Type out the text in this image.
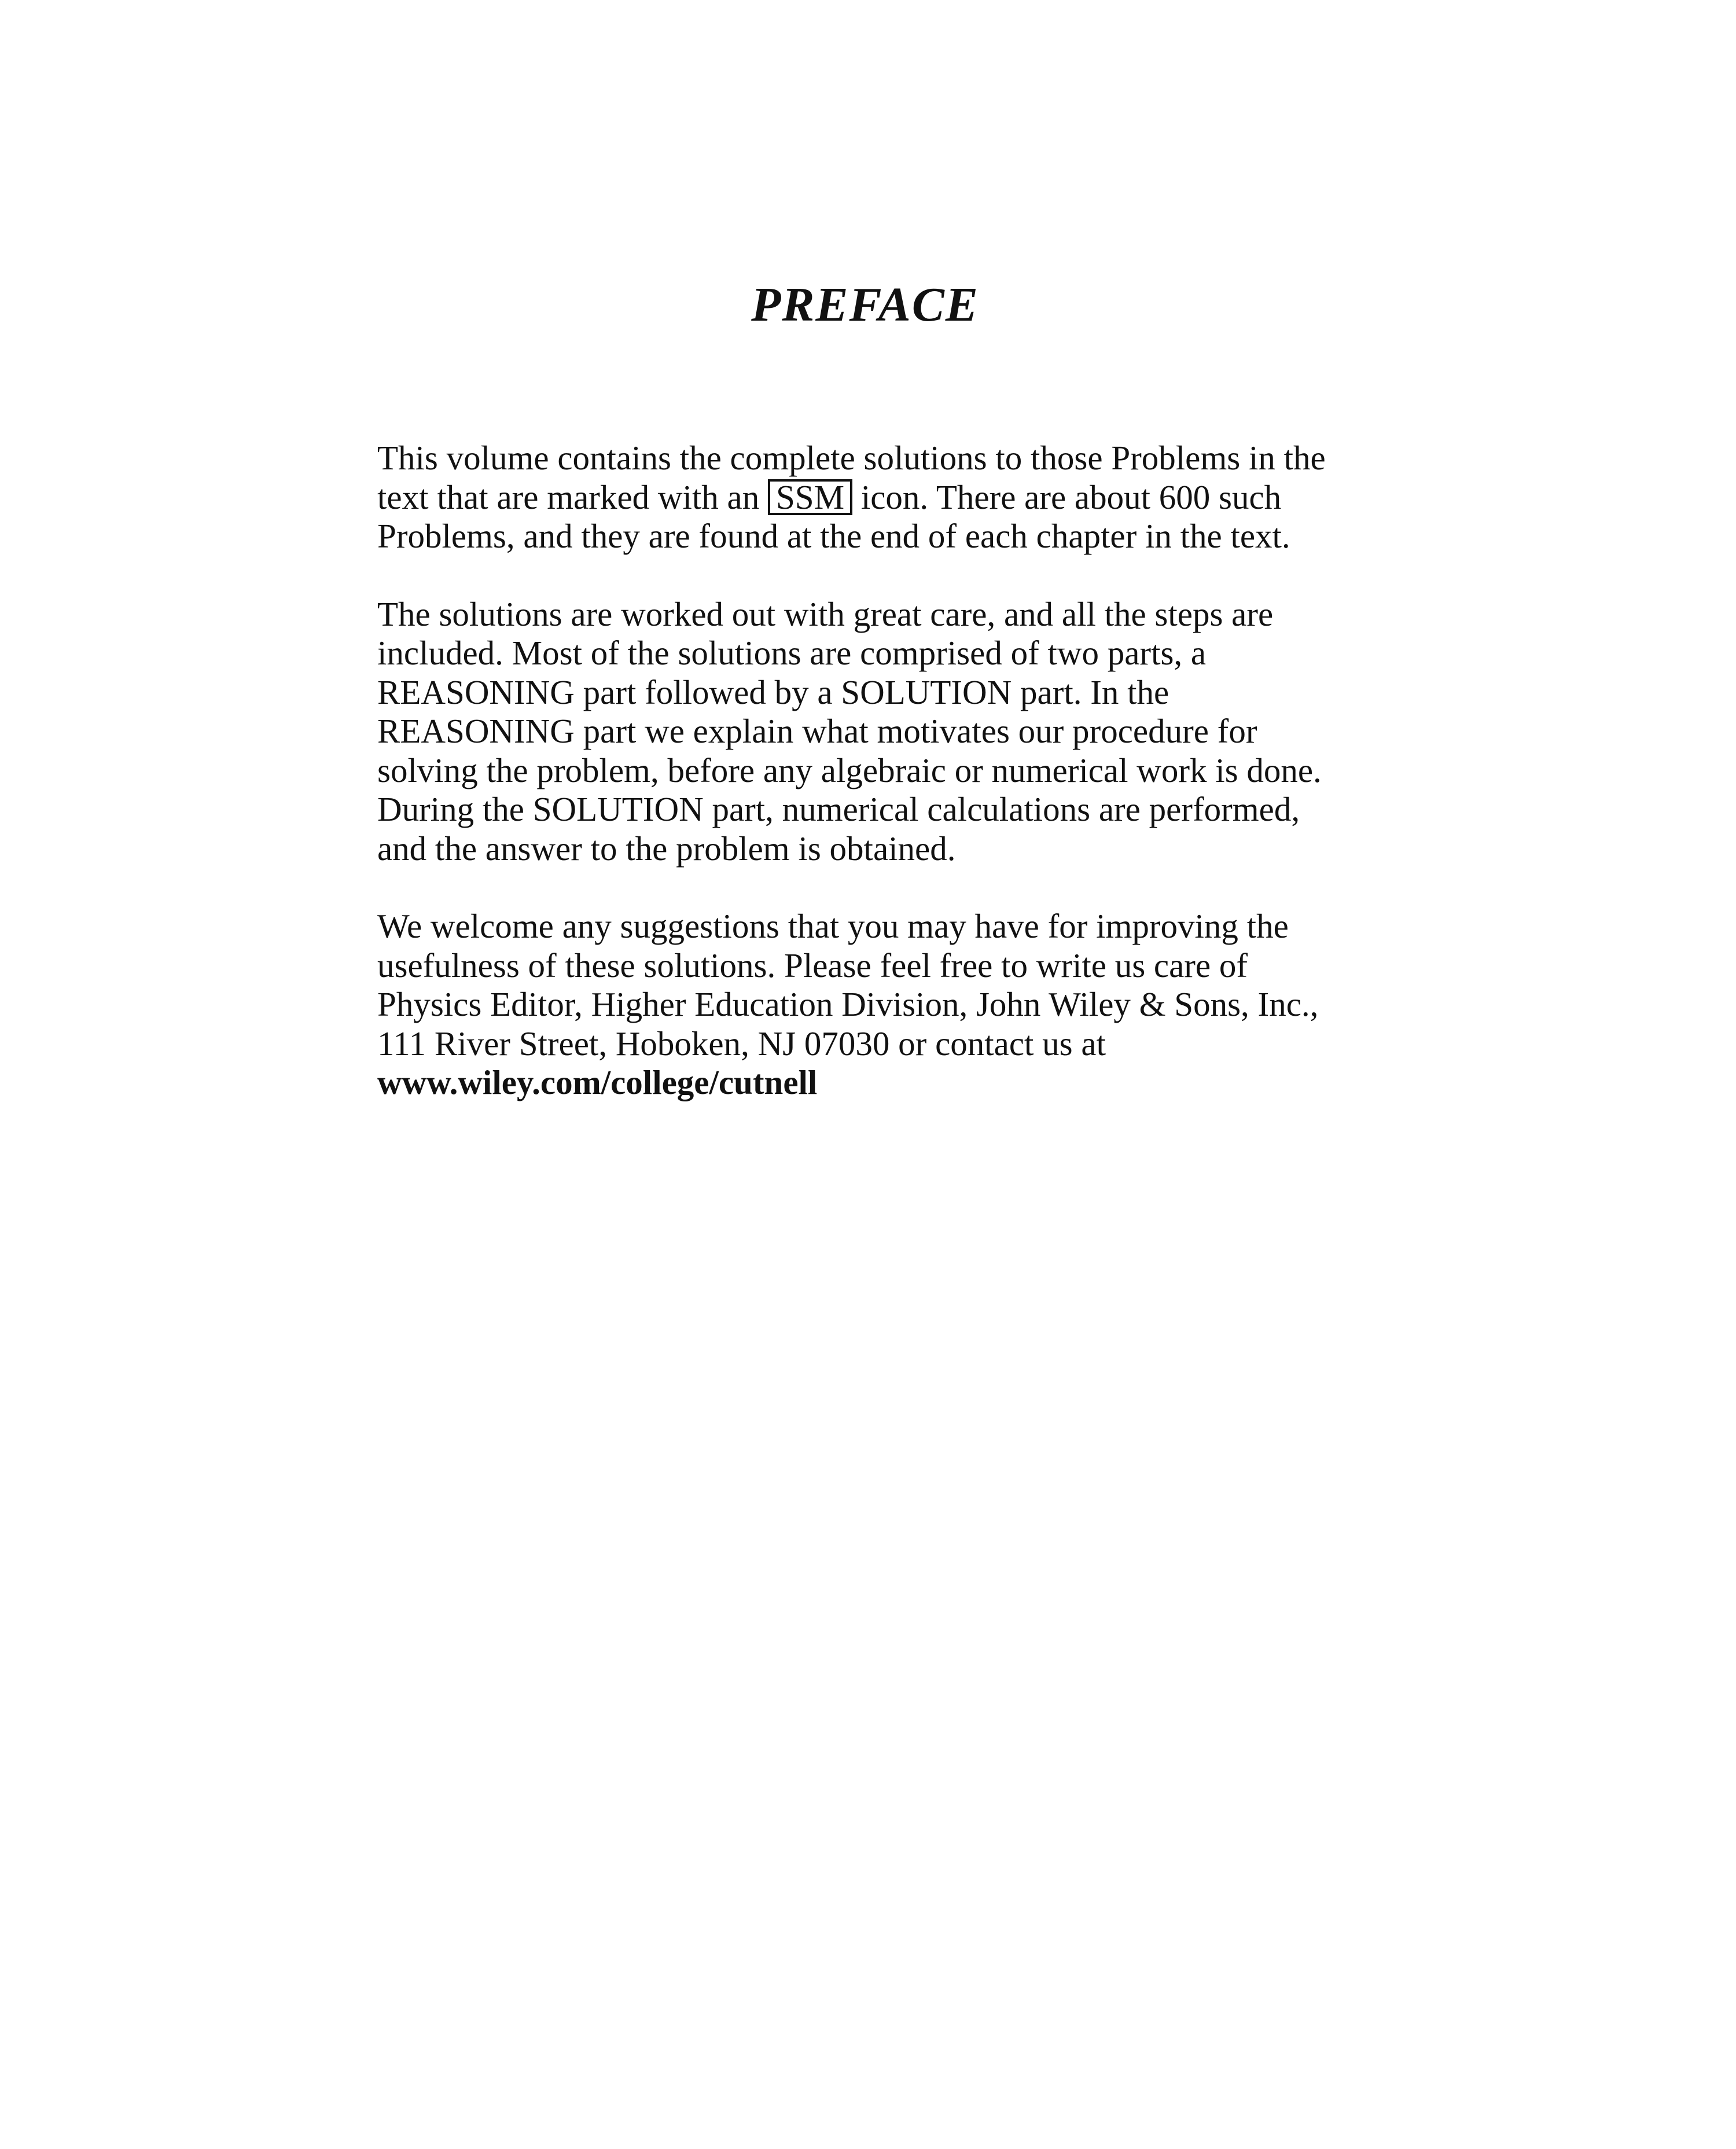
PREFACE

This volume contains the complete solutions to those Problems in the
text that are marked with an SSM icon. There are about 600 such
Problems, and they are found at the end of each chapter in the text.

The solutions are worked out with great care, and all the steps are
included. Most of the solutions are comprised of two parts, a
REASONING part followed by a SOLUTION part. In the
REASONING part we explain what motivates our procedure for
solving the problem, before any algebraic or numerical work is done.
During the SOLUTION part, numerical calculations are performed,
and the answer to the problem is obtained.

We welcome any suggestions that you may have for improving the
usefulness of these solutions. Please feel free to write us care of
Physics Editor, Higher Education Division, John Wiley & Sons, Inc.,
111 River Street, Hoboken, NJ 07030 or contact us at
www.wiley.com/college/cutnell
